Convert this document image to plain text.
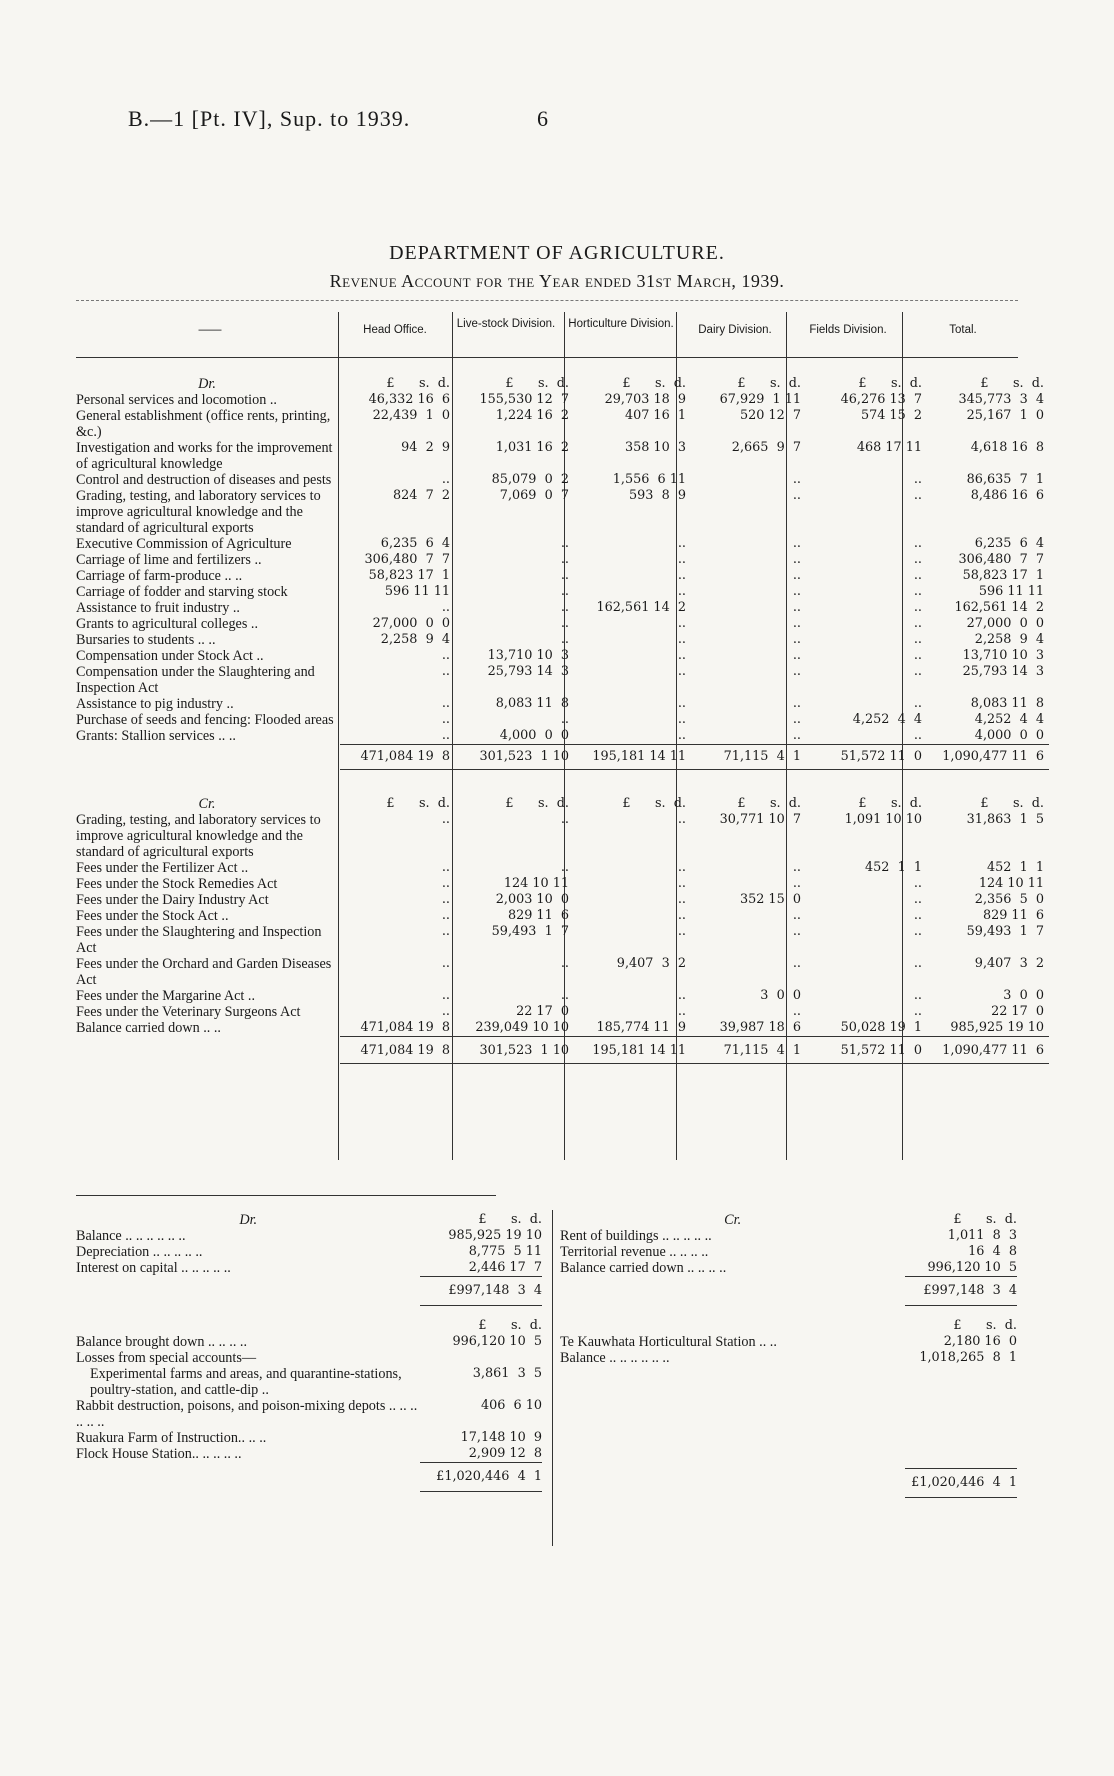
B.—1 [Pt. IV], Sup. to 1939.	6
DEPARTMENT OF AGRICULTURE.
Revenue Account for the Year ended 31st March, 1939.
——	Head Office.	Live-stock Division. Horticulture Division.	Dairy Division.	Fields Division.	Total.
Dr.	£      s.  d.	£      s.  d.	£      s.  d.	£      s.  d.	£      s.  d.	£      s.  d.
Personal services and locomotion ..	46,332 16  6	155,530 12  7	29,703 18  9	67,929  1 11	46,276 13  7	345,773  3  4
General establishment (office rents, printing, &c.)	22,439  1  0	1,224 16  2	407 16  1	520 12  7	574 15  2	25,167  1  0
Investigation and works for the improvement of agricultural knowledge	94  2  9	1,031 16  2	358 10  3	2,665  9  7	468 17 11	4,618 16  8
Control and destruction of diseases and pests	..	85,079  0  2	1,556  6 11	..	..	86,635  7  1
Grading, testing, and laboratory services to improve agricultural knowledge and the standard of agricultural exports	824  7  2	7,069  0  7	593  8  9	..	..	8,486 16  6
Executive Commission of Agriculture	6,235  6  4	..	..	..	..	6,235  6  4
Carriage of lime and fertilizers ..	306,480  7  7	..	..	..	..	306,480  7  7
Carriage of farm-produce .. ..	58,823 17  1	..	..	..	..	58,823 17  1
Carriage of fodder and starving stock	596 11 11	..	..	..	..	596 11 11
Assistance to fruit industry ..	..	..	162,561 14  2	..	..	162,561 14  2
Grants to agricultural colleges ..	27,000  0  0	..	..	..	..	27,000  0  0
Bursaries to students .. ..	2,258  9  4	..	..	..	..	2,258  9  4
Compensation under Stock Act ..	..	13,710 10  3	..	..	..	13,710 10  3
Compensation under the Slaughtering and Inspection Act	..	25,793 14  3	..	..	..	25,793 14  3
Assistance to pig industry ..	..	8,083 11  8	..	..	..	8,083 11  8
Purchase of seeds and fencing: Flooded areas	..	..	..	..	4,252  4  4	4,252  4  4
Grants: Stallion services .. ..	..	4,000  0  0	..	..	..	4,000  0  0
	471,084 19  8	301,523  1 10	195,181 14 11	71,115  4  1	51,572 11  0	1,090,477 11  6
Cr.	£      s.  d.	£      s.  d.	£      s.  d.	£      s.  d.	£      s.  d.	£      s.  d.
Grading, testing, and laboratory services to improve agricultural knowledge and the standard of agricultural exports	..	..	..	30,771 10  7	1,091 10 10	31,863  1  5
Fees under the Fertilizer Act ..	..	..	..	..	452  1  1	452  1  1
Fees under the Stock Remedies Act	..	124 10 11	..	..	..	124 10 11
Fees under the Dairy Industry Act	..	2,003 10  0	..	352 15  0	..	2,356  5  0
Fees under the Stock Act ..	..	829 11  6	..	..	..	829 11  6
Fees under the Slaughtering and Inspection Act	..	59,493  1  7	..	..	..	59,493  1  7
Fees under the Orchard and Garden Diseases Act	..	..	9,407  3  2	..	..	9,407  3  2
Fees under the Margarine Act ..	..	..	..	3  0  0	..	3  0  0
Fees under the Veterinary Surgeons Act	..	22 17  0	..	..	..	22 17  0
Balance carried down .. ..	471,084 19  8	239,049 10 10	185,774 11  9	39,987 18  6	50,028 19  1	985,925 19 10
	471,084 19  8	301,523  1 10	195,181 14 11	71,115  4  1	51,572 11  0	1,090,477 11  6
Dr.	£      s.  d.
Balance .. .. .. .. .. ..	985,925 19 10
Depreciation .. .. .. .. ..	8,775  5 11
Interest on capital .. .. .. .. ..	2,446 17  7
	£997,148  3  4
Cr.	£      s.  d.
Rent of buildings .. .. .. .. ..	1,011  8  3
Territorial revenue .. .. .. ..	16  4  8
Balance carried down .. .. .. ..	996,120 10  5
	£997,148  3  4
	£      s.  d.
Balance brought down .. .. .. ..	996,120 10  5
Losses from special accounts—	
Experimental farms and areas, and quarantine-stations, poultry-station, and cattle-dip ..	3,861  3  5
Rabbit destruction, poisons, and poison-mixing depots .. .. .. .. .. ..	406  6 10
Ruakura Farm of Instruction.. .. ..	17,148 10  9
Flock House Station.. .. .. .. ..	2,909 12  8
	£1,020,446  4  1
	£      s.  d.
Te Kauwhata Horticultural Station .. ..	2,180 16  0
Balance .. .. .. .. .. ..	1,018,265  8  1

	£1,020,446  4  1
